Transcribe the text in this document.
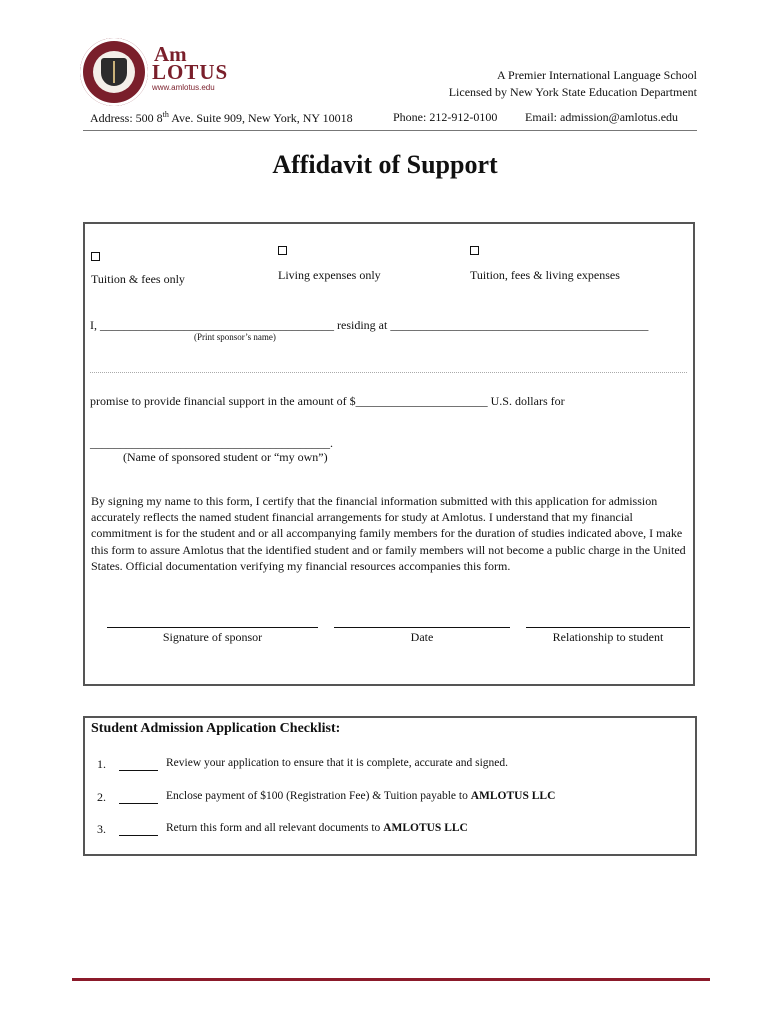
Am
LOTUS
www.amlotus.edu
A Premier International Language School
Licensed by New York State Education Department
Address: 500 8th Ave. Suite 909, New York, NY 10018	Phone: 212-912-0100 Email: admission@amlotus.edu
Affidavit of Support
Tuition & fees only	Living expenses only	Tuition, fees & living expenses
I, _______________________________________ residing at ___________________________________________
(Print sponsor’s name)
promise to provide financial support in the amount of $______________________ U.S. dollars for
________________________________________.
(Name of sponsored student or “my own”)
By signing my name to this form, I certify that the financial information submitted with this application for admission accurately reflects the named student financial arrangements for study at Amlotus. I understand that my financial commitment is for the student and or all accompanying family members for the duration of studies indicated above, I make this form to assure Amlotus that the identified student and or family members will not become a public charge in the United States. Official documentation verifying my financial resources accompanies this form.
Signature of sponsor	Date	Relationship to student
Student Admission Application Checklist:
1.	Review your application to ensure that it is complete, accurate and signed.
2.	Enclose payment of $100 (Registration Fee) & Tuition payable to AMLOTUS LLC
3.	Return this form and all relevant documents to AMLOTUS LLC
